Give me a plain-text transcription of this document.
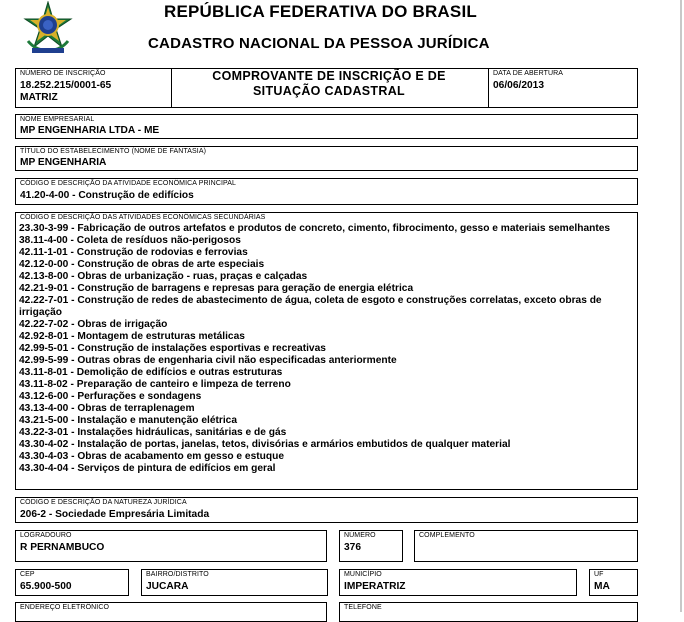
REPÚBLICA FEDERATIVA DO BRASIL
CADASTRO NACIONAL DA PESSOA JURÍDICA
NÚMERO DE INSCRIÇÃO
18.252.215/0001-65
MATRIZ
COMPROVANTE DE INSCRIÇÃO E DE
SITUAÇÃO CADASTRAL
DATA DE ABERTURA
06/06/2013
NOME EMPRESARIAL
MP ENGENHARIA LTDA - ME
TÍTULO DO ESTABELECIMENTO (NOME DE FANTASIA)
MP ENGENHARIA
CÓDIGO E DESCRIÇÃO DA ATIVIDADE ECONÔMICA PRINCIPAL
41.20-4-00 - Construção de edifícios
CÓDIGO E DESCRIÇÃO DAS ATIVIDADES ECONÔMICAS SECUNDÁRIAS
23.30-3-99 - Fabricação de outros artefatos e produtos de concreto, cimento, fibrocimento, gesso e materiais semelhantes
38.11-4-00 - Coleta de resíduos não-perigosos
42.11-1-01 - Construção de rodovias e ferrovias
42.12-0-00 - Construção de obras de arte especiais
42.13-8-00 - Obras de urbanização - ruas, praças e calçadas
42.21-9-01 - Construção de barragens e represas para geração de energia elétrica
42.22-7-01 - Construção de redes de abastecimento de água, coleta de esgoto e construções correlatas, exceto obras de irrigação
42.22-7-02 - Obras de irrigação
42.92-8-01 - Montagem de estruturas metálicas
42.99-5-01 - Construção de instalações esportivas e recreativas
42.99-5-99 - Outras obras de engenharia civil não especificadas anteriormente
43.11-8-01 - Demolição de edifícios e outras estruturas
43.11-8-02 - Preparação de canteiro e limpeza de terreno
43.12-6-00 - Perfurações e sondagens
43.13-4-00 - Obras de terraplenagem
43.21-5-00 - Instalação e manutenção elétrica
43.22-3-01 - Instalações hidráulicas, sanitárias e de gás
43.30-4-02 - Instalação de portas, janelas, tetos, divisórias e armários embutidos de qualquer material
43.30-4-03 - Obras de acabamento em gesso e estuque
43.30-4-04 - Serviços de pintura de edifícios em geral
CÓDIGO E DESCRIÇÃO DA NATUREZA JURÍDICA
206-2 - Sociedade Empresária Limitada
LOGRADOURO
R PERNAMBUCO
NÚMERO
376
COMPLEMENTO
CEP
65.900-500
BAIRRO/DISTRITO
JUCARA
MUNICÍPIO
IMPERATRIZ
UF
MA
ENDEREÇO ELETRÔNICO	TELEFONE
